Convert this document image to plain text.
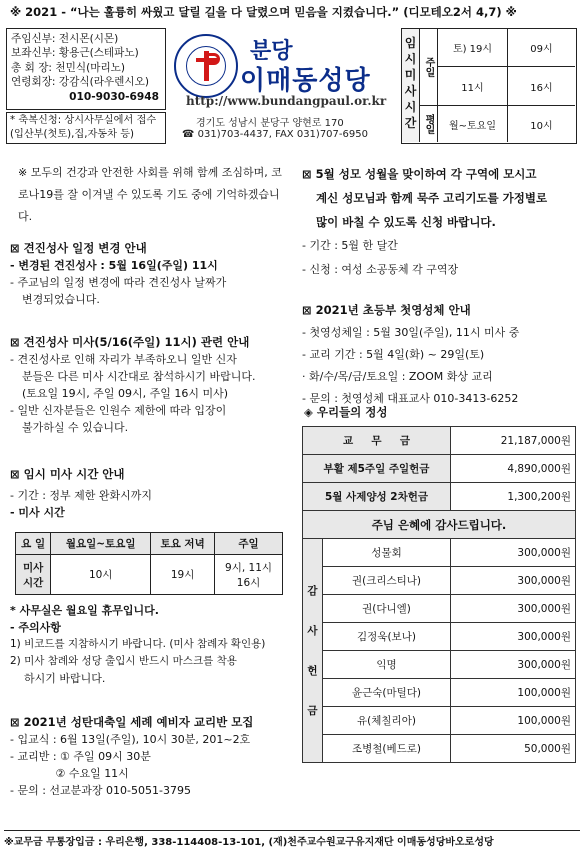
※ 2021 - “나는 훌륭히 싸웠고 달릴 길을 다 달렸으며 믿음을 지켰습니다.” (디모테오2서 4,7) ※
주임신부: 전시몬(시몬)
보좌신부: 황용근(스테파노)
총 회 장: 천민식(마리노)
연령회장: 강감식(라우렌시오)
010-9030-6948
* 축복신청: 상시사무실에서 접수
(입산부(첫토),집,자동차 등)
분당
이매동성당
http://www.bundangpaul.or.kr
경기도 성남시 분당구 양현로 170
☎ 031)703-4437, FAX 031)707-6950
임
시
미
사
시
간
주일
토) 19시	09시
11시	16시
평일	월~토요일	10시
※ 모두의 건강과 안전한 사회를 위해 함께 조심하며, 코로나19를 잘 이겨낼 수 있도록 기도 중에 기억하겠습니다.
⊠ 견진성사 일정 변경 안내
- 변경된 견진성사 : 5월 16일(주일) 11시
- 주교님의 일정 변경에 따라 견진성사 날짜가
변경되었습니다.
⊠ 견진성사 미사(5/16(주일) 11시) 관련 안내
- 견진성사로 인해 자리가 부족하오니 일반 신자
분들은 다른 미사 시간대로 참석하시기 바랍니다.
(토요일 19시, 주일 09시, 주일 16시 미사)
- 일반 신자분들은 인원수 제한에 따라 입장이
불가하실 수 있습니다.
⊠ 임시 미사 시간 안내
- 기간 : 정부 제한 완화시까지
- 미사 시간
요 일	월요일~토요일	토요 저녁	주일
미사
시간	10시	19시	9시, 11시
16시
* 사무실은 월요일 휴무입니다.
- 주의사항
1) 비코드를 지참하시기 바랍니다. (미사 참례자 확인용)
2) 미사 참례와 성당 출입시 반드시 마스크를 착용
하시기 바랍니다.
⊠ 2021년 성탄대축일 세례 예비자 교리반 모집
- 입교식 : 6월 13일(주일), 10시 30분, 201~2호
- 교리반 : ① 주일 09시 30분
② 수요일 11시
- 문의 : 선교분과장 010-5051-3795
⊠ 5월 성모 성월을 맞이하여 각 구역에 모시고
계신 성모님과 함께 묵주 고리기도를 가정별로
많이 바칠 수 있도록 신청 바랍니다.
- 기간 : 5월 한 달간
- 신청 : 여성 소공동체 각 구역장
⊠ 2021년 초등부 첫영성체 안내
- 첫영성체일 : 5월 30일(주일), 11시 미사 중
- 교리 기간 : 5월 4일(화) ~ 29일(토)
· 화/수/목/금/토요일 : ZOOM 화상 교리
- 문의 : 첫영성체 대표교사 010-3413-6252
◈ 우리들의 정성
교     무     금		21,187,000원
부활 제5주일 주일헌금		4,890,000원
5월 사제양성 2차헌금		1,300,200원
주님 은혜에 감사드립니다.		

감
사
헌
금	성물회	300,000원
	권(크리스티나)	300,000원
	권(다니엘)	300,000원
	김정욱(보나)	300,000원
	익명	300,000원
	윤근숙(마틸다)	100,000원
	유(체칠리아)	100,000원
	조병철(베드로)	50,000원
※교무금 무통장입금 : 우리은행, 338-114408-13-101, (재)천주교수원교구유지재단 이매동성당바오로성당
